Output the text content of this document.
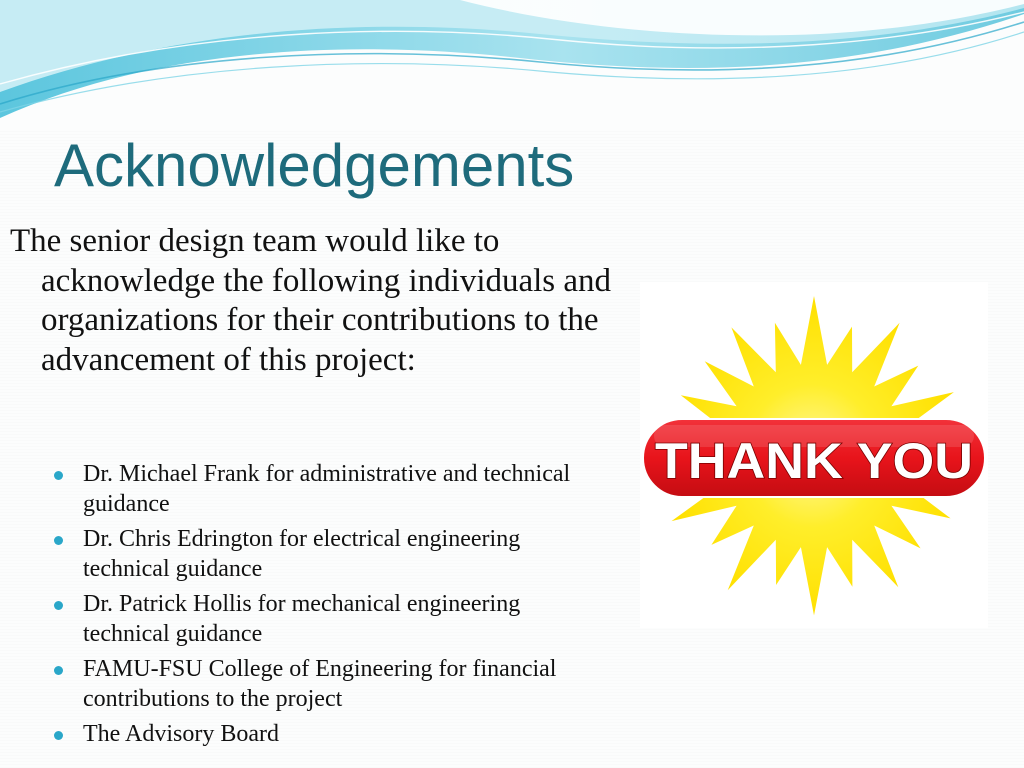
Acknowledgements

The senior design team would like to acknowledge the following individuals and organizations for their contributions to the advancement of this project:

Dr. Michael Frank for administrative and technical guidance
Dr. Chris Edrington for electrical engineering technical guidance
Dr. Patrick Hollis for mechanical engineering technical guidance
FAMU-FSU College of Engineering for financial contributions to the project
The Advisory Board
THANK YOU
